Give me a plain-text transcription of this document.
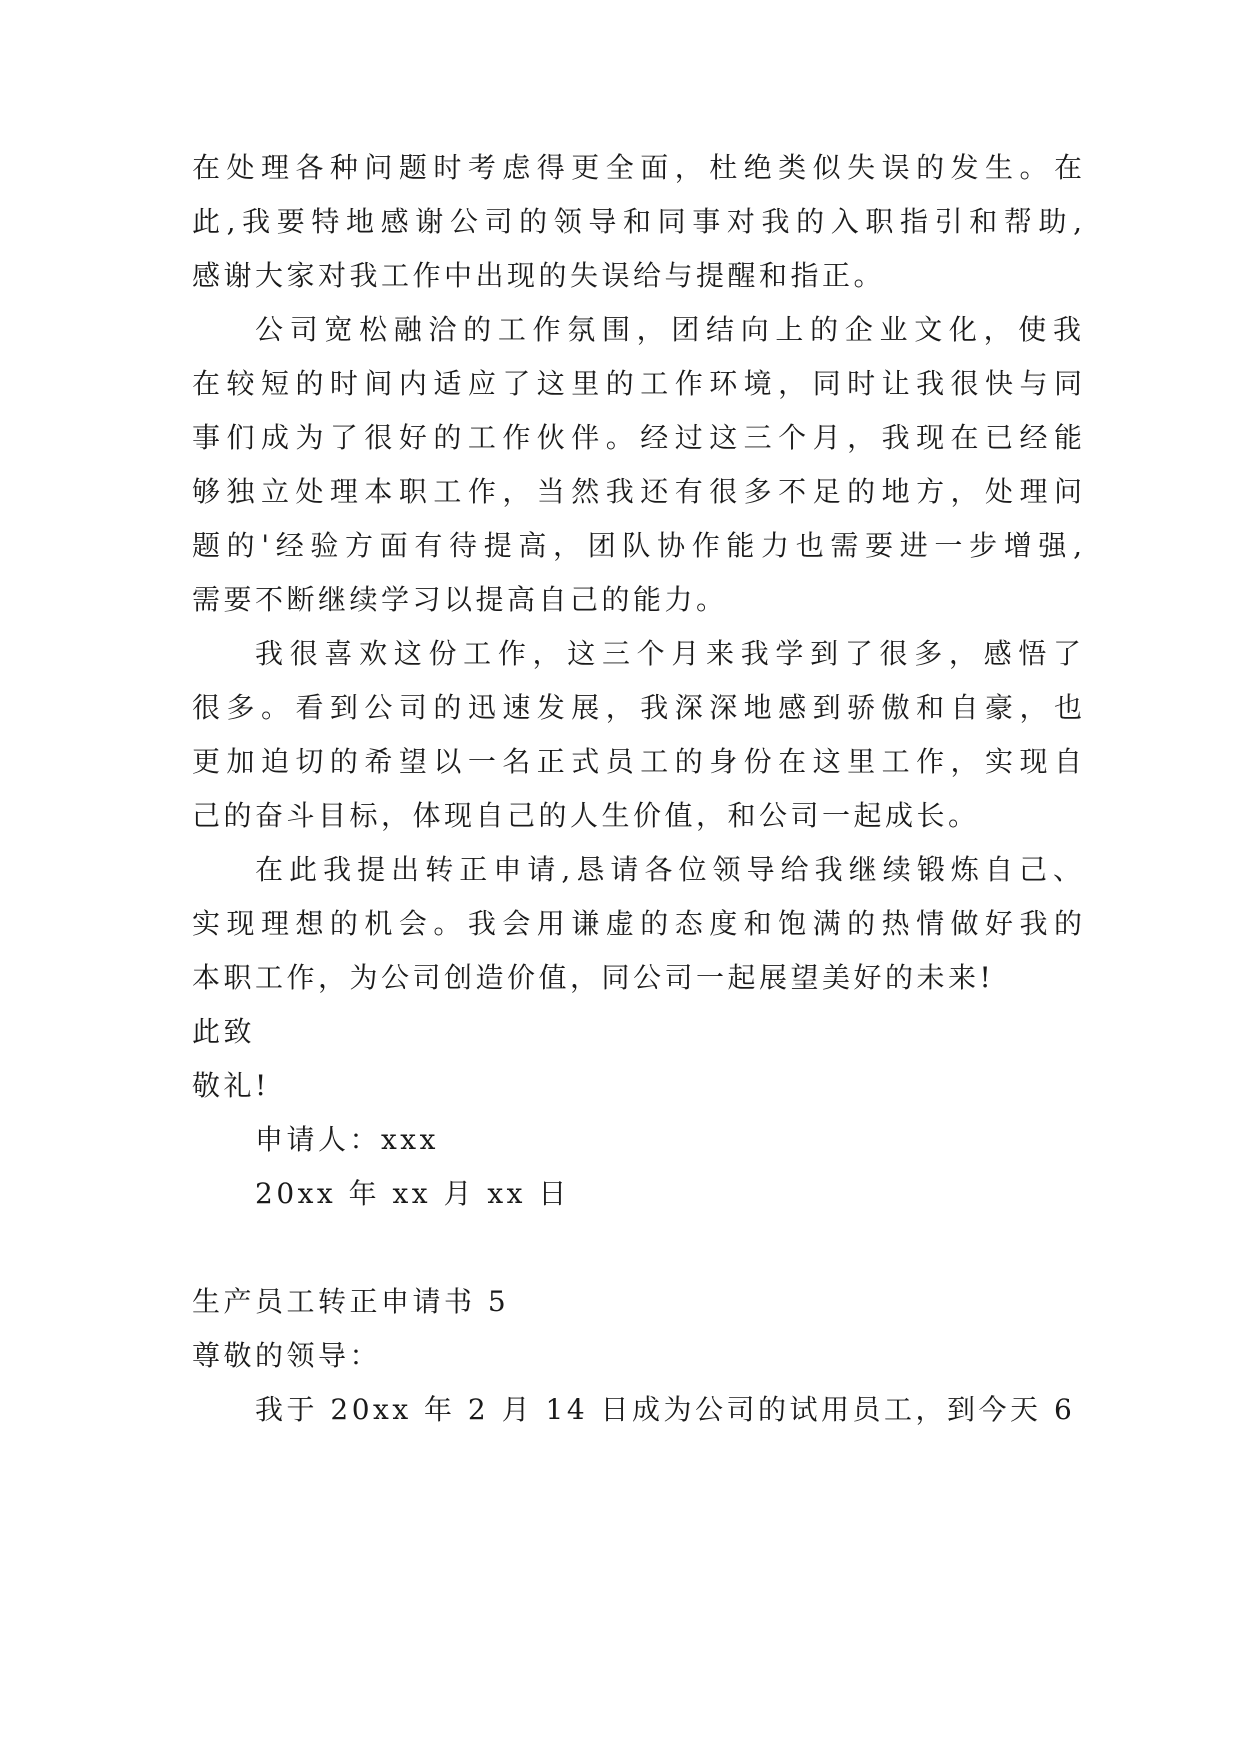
在处理各种问题时考虑得更全面，杜绝类似失误的发生。在

此,我要特地感谢公司的领导和同事对我的入职指引和帮助,

感谢大家对我工作中出现的失误给与提醒和指正。

公司宽松融洽的工作氛围，团结向上的企业文化，使我

在较短的时间内适应了这里的工作环境，同时让我很快与同

事们成为了很好的工作伙伴。经过这三个月，我现在已经能

够独立处理本职工作，当然我还有很多不足的地方，处理问

题的'经验方面有待提高，团队协作能力也需要进一步增强,

需要不断继续学习以提高自己的能力。

我很喜欢这份工作，这三个月来我学到了很多，感悟了

很多。看到公司的迅速发展，我深深地感到骄傲和自豪，也

更加迫切的希望以一名正式员工的身份在这里工作，实现自

己的奋斗目标，体现自己的人生价值，和公司一起成长。

在此我提出转正申请,恳请各位领导给我继续锻炼自己、

实现理想的机会。我会用谦虚的态度和饱满的热情做好我的

本职工作，为公司创造价值，同公司一起展望美好的未来!

此致

敬礼!

申请人：xxx

20xx 年 xx 月 xx 日

生产员工转正申请书 5

尊敬的领导：

我于 20xx 年 2 月 14 日成为公司的试用员工，到今天 6
